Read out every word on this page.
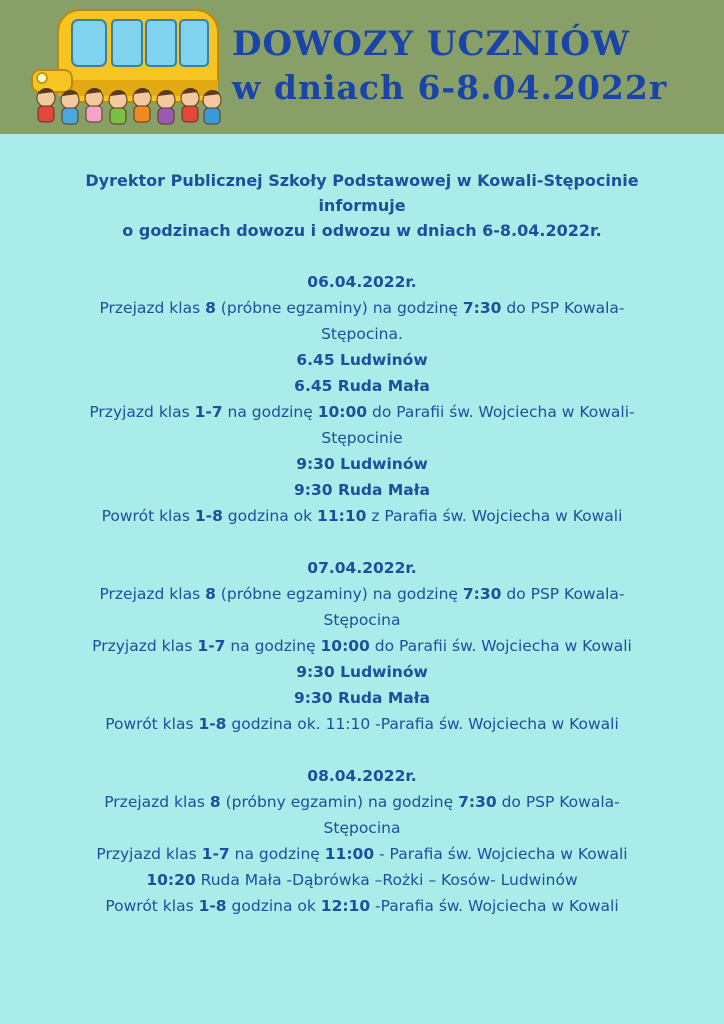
DOWOZY UCZNIÓW
w dniach 6-8.04.2022r
Dyrektor Publicznej Szkoły Podstawowej w Kowali-Stępocinie
informuje
o godzinach dowozu i odwozu w dniach 6-8.04.2022r.
06.04.2022r.
Przejazd klas 8 (próbne egzaminy) na godzinę 7:30 do PSP Kowala-
Stępocina.
6.45 Ludwinów
6.45 Ruda Mała
Przyjazd klas 1-7 na godzinę 10:00 do Parafii św. Wojciecha w Kowali-
Stępocinie
9:30 Ludwinów
9:30 Ruda Mała
Powrót klas 1-8 godzina ok 11:10 z Parafia św. Wojciecha w Kowali
07.04.2022r.
Przejazd klas 8 (próbne egzaminy) na godzinę 7:30 do PSP Kowala-
Stępocina
Przyjazd klas 1-7 na godzinę 10:00 do Parafii św. Wojciecha w Kowali
9:30 Ludwinów
9:30 Ruda Mała
Powrót klas 1-8 godzina ok. 11:10 -Parafia św. Wojciecha w Kowali
08.04.2022r.
Przejazd klas 8 (próbny egzamin) na godzinę 7:30 do PSP Kowala-
Stępocina
Przyjazd klas 1-7 na godzinę 11:00 - Parafia św. Wojciecha w Kowali
10:20 Ruda Mała -Dąbrówka –Rożki – Kosów- Ludwinów
Powrót klas 1-8 godzina ok 12:10 -Parafia św. Wojciecha w Kowali
